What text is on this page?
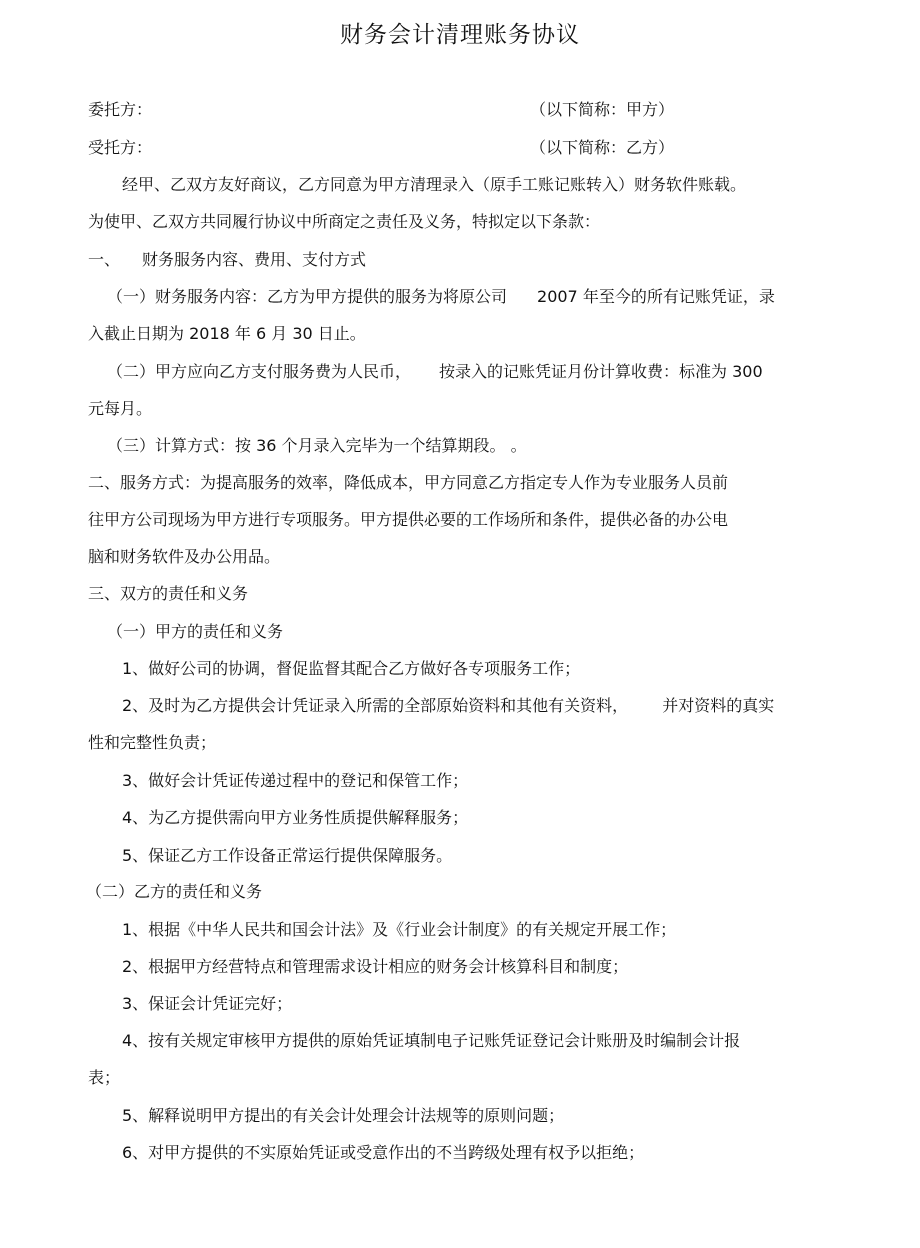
财务会计清理账务协议
委托方：	（以下简称：甲方）
受托方：	（以下简称：乙方）
经甲、乙双方友好商议，乙方同意为甲方清理录入（原手工账记账转入）财务软件账载。
为使甲、乙双方共同履行协议中所商定之责任及义务，特拟定以下条款：
一、 财务服务内容、费用、支付方式
（一）财务服务内容：乙方为甲方提供的服务为将原公司 2007 年至今的所有记账凭证，录
入截止日期为 2018 年 6 月 30 日止。
（二）甲方应向乙方支付服务费为人民币， 按录入的记账凭证月份计算收费：标准为 300
元每月。
（三）计算方式：按 36 个月录入完毕为一个结算期段。 。
二、服务方式：为提高服务的效率，降低成本，甲方同意乙方指定专人作为专业服务人员前
往甲方公司现场为甲方进行专项服务。甲方提供必要的工作场所和条件，提供必备的办公电
脑和财务软件及办公用品。
三、双方的责任和义务
（一）甲方的责任和义务
1、做好公司的协调，督促监督其配合乙方做好各专项服务工作；
2、及时为乙方提供会计凭证录入所需的全部原始资料和其他有关资料， 并对资料的真实
性和完整性负责；
3、做好会计凭证传递过程中的登记和保管工作；
4、为乙方提供需向甲方业务性质提供解释服务；
5、保证乙方工作设备正常运行提供保障服务。
（二）乙方的责任和义务
1、根据《中华人民共和国会计法》及《行业会计制度》的有关规定开展工作；
2、根据甲方经营特点和管理需求设计相应的财务会计核算科目和制度；
3、保证会计凭证完好；
4、按有关规定审核甲方提供的原始凭证填制电子记账凭证登记会计账册及时编制会计报
表；
5、解释说明甲方提出的有关会计处理会计法规等的原则问题；
6、对甲方提供的不实原始凭证或受意作出的不当跨级处理有权予以拒绝；
